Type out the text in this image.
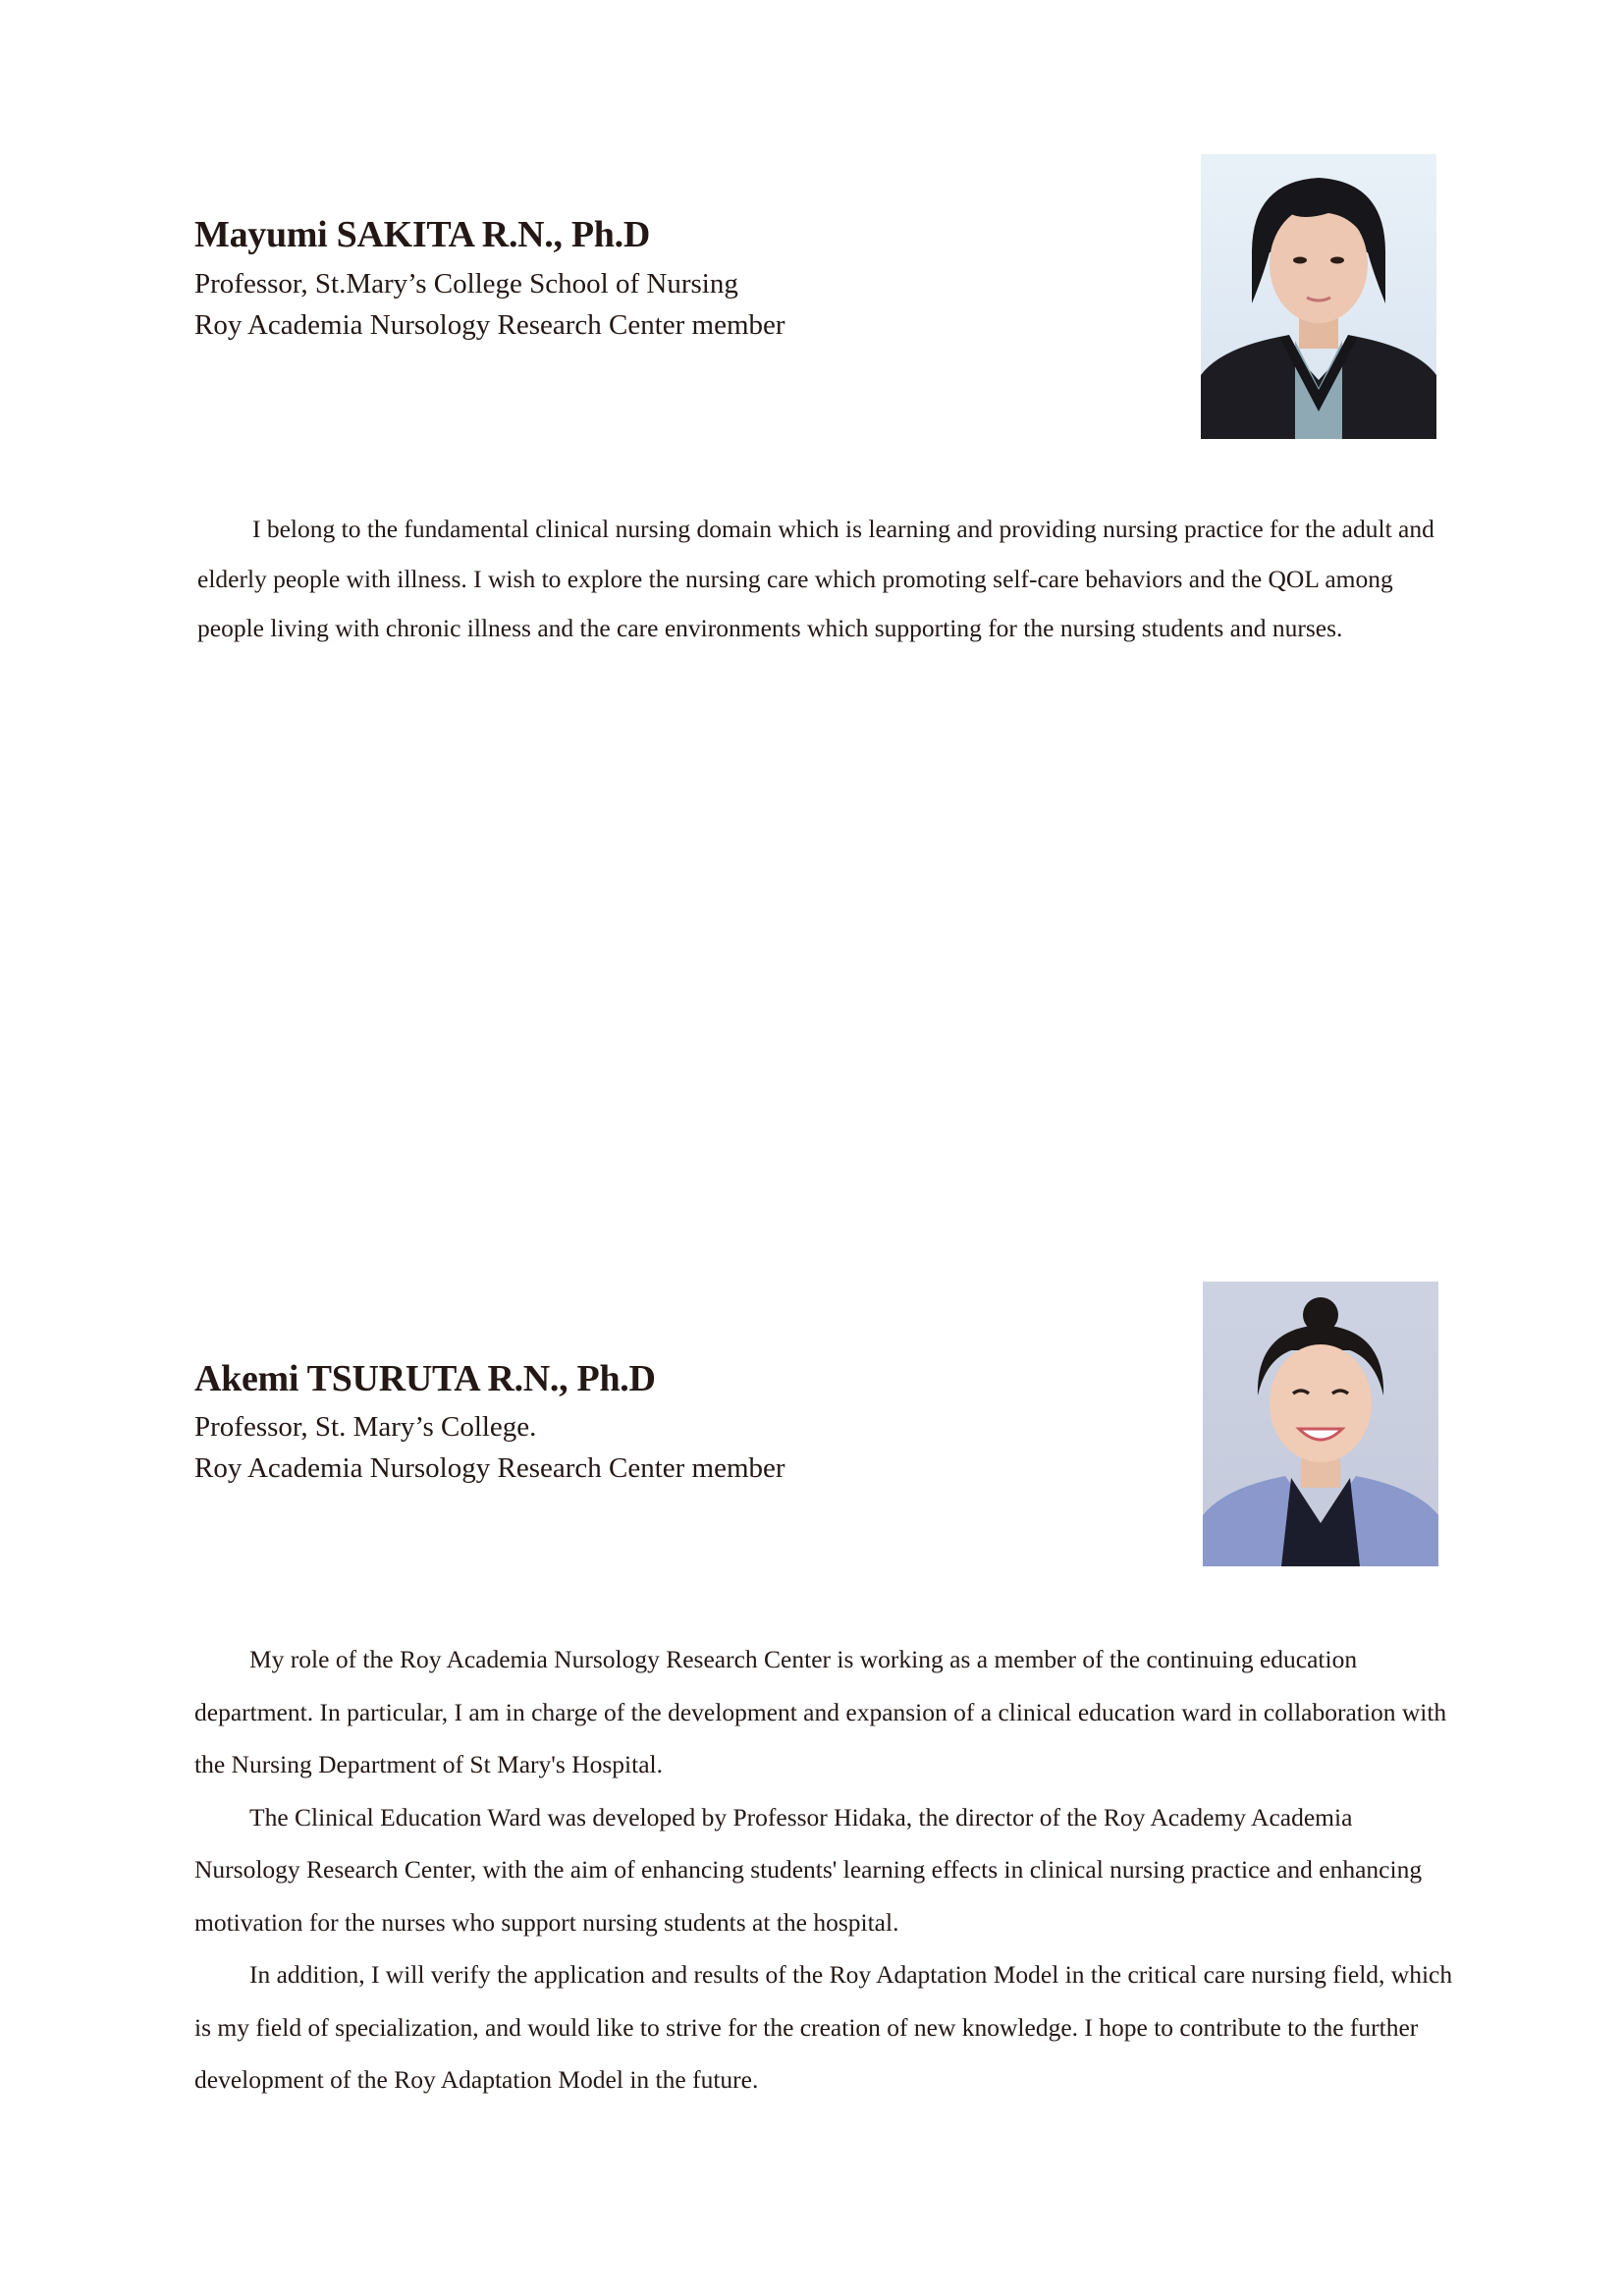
Mayumi SAKITA R.N., Ph.D
Professor, St.Mary’s College School of Nursing
Roy Academia Nursology Research Center member

I belong to the fundamental clinical nursing domain which is learning and providing nursing practice for the adult and elderly people with illness. I wish to explore the nursing care which promoting self-care behaviors and the QOL among people living with chronic illness and the care environments which supporting for the nursing students and nurses.

Akemi TSURUTA R.N., Ph.D
Professor, St. Mary’s College.
Roy Academia Nursology Research Center member

My role of the Roy Academia Nursology Research Center is working as a member of the continuing education department. In particular, I am in charge of the development and expansion of a clinical education ward in collaboration with the Nursing Department of St Mary's Hospital.

The Clinical Education Ward was developed by Professor Hidaka, the director of the Roy Academy Academia Nursology Research Center, with the aim of enhancing students' learning effects in clinical nursing practice and enhancing motivation for the nurses who support nursing students at the hospital.

In addition, I will verify the application and results of the Roy Adaptation Model in the critical care nursing field, which is my field of specialization, and would like to strive for the creation of new knowledge. I hope to contribute to the further development of the Roy Adaptation Model in the future.
